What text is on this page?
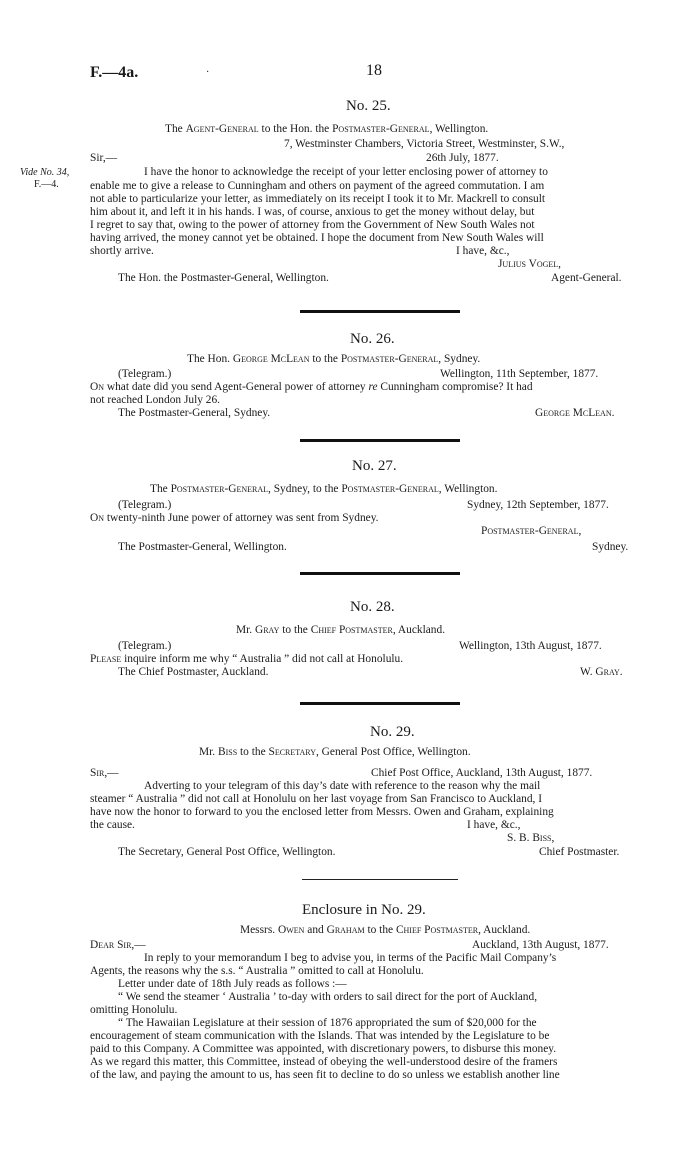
F.—4a.	·	18
No. 25.
The Agent-General to the Hon. the Postmaster-General, Wellington.
7, Westminster Chambers, Victoria Street, Westminster, S.W.,
Sir,—	26th July, 1877.
Vide No. 34,
F.—4.
I have the honor to acknowledge the receipt of your letter enclosing power of attorney to
enable me to give a release to Cunningham and others on payment of the agreed commutation. I am
not able to particularize your letter, as immediately on its receipt I took it to Mr. Mackrell to consult
him about it, and left it in his hands. I was, of course, anxious to get the money without delay, but
I regret to say that, owing to the power of attorney from the Government of New South Wales not
having arrived, the money cannot yet be obtained. I hope the document from New South Wales will
shortly arrive.	I have, &c.,
Julius Vogel,
The Hon. the Postmaster-General, Wellington.	Agent-General.
No. 26.
The Hon. George McLean to the Postmaster-General, Sydney.
(Telegram.)	Wellington, 11th September, 1877.
On what date did you send Agent-General power of attorney re Cunningham compromise? It had
not reached London July 26.
The Postmaster-General, Sydney.	George McLean.
No. 27.
The Postmaster-General, Sydney, to the Postmaster-General, Wellington.
(Telegram.)	Sydney, 12th September, 1877.
On twenty-ninth June power of attorney was sent from Sydney.
Postmaster-General,
The Postmaster-General, Wellington.	Sydney.
No. 28.
Mr. Gray to the Chief Postmaster, Auckland.
(Telegram.)	Wellington, 13th August, 1877.
Please inquire inform me why “ Australia ” did not call at Honolulu.
The Chief Postmaster, Auckland.	W. Gray.
No. 29.
Mr. Biss to the Secretary, General Post Office, Wellington.
Sir,—	Chief Post Office, Auckland, 13th August, 1877.
Adverting to your telegram of this day’s date with reference to the reason why the mail
steamer “ Australia ” did not call at Honolulu on her last voyage from San Francisco to Auckland, I
have now the honor to forward to you the enclosed letter from Messrs. Owen and Graham, explaining
the cause.	I have, &c.,
S. B. Biss,
The Secretary, General Post Office, Wellington.	Chief Postmaster.
Enclosure in No. 29.
Messrs. Owen and Graham to the Chief Postmaster, Auckland.
Dear Sir,—	Auckland, 13th August, 1877.
In reply to your memorandum I beg to advise you, in terms of the Pacific Mail Company’s
Agents, the reasons why the s.s. “ Australia ” omitted to call at Honolulu.
Letter under date of 18th July reads as follows :—
“ We send the steamer ‘ Australia ’ to-day with orders to sail direct for the port of Auckland,
omitting Honolulu.
“ The Hawaiian Legislature at their session of 1876 appropriated the sum of $20,000 for the
encouragement of steam communication with the Islands. That was intended by the Legislature to be
paid to this Company. A Committee was appointed, with discretionary powers, to disburse this money.
As we regard this matter, this Committee, instead of obeying the well-understood desire of the framers
of the law, and paying the amount to us, has seen fit to decline to do so unless we establish another line
